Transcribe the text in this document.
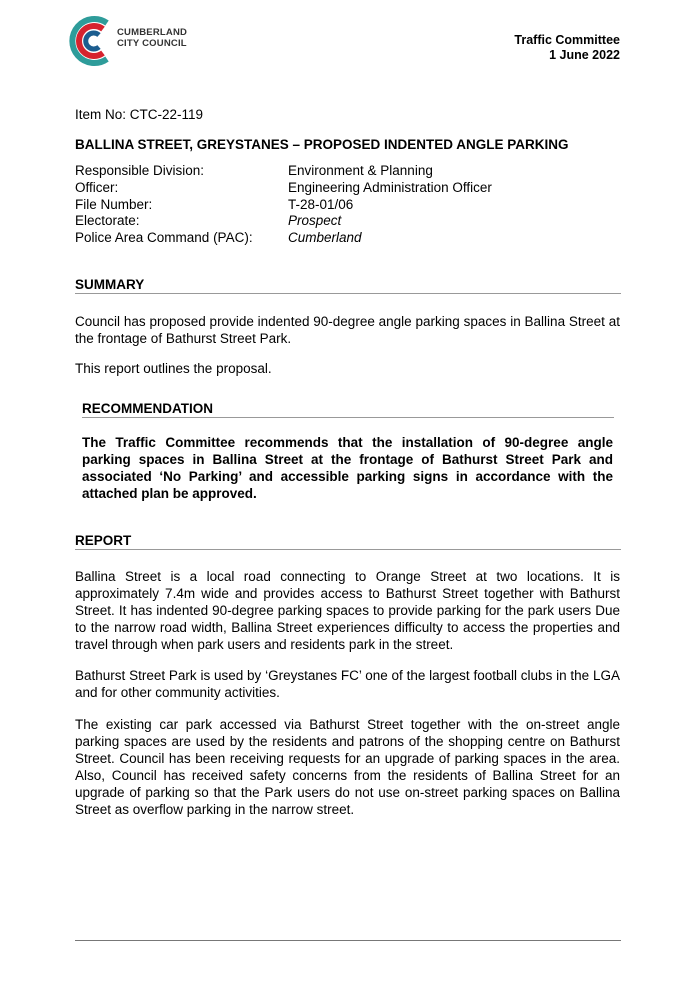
CUMBERLAND
CITY COUNCIL	Traffic Committee
1 June 2022
Item No: CTC-22-119
BALLINA STREET, GREYSTANES – PROPOSED INDENTED ANGLE PARKING
Responsible Division:	Environment & Planning
Officer:	Engineering Administration Officer
File Number:	T-28-01/06
Electorate:	Prospect
Police Area Command (PAC):	Cumberland
SUMMARY
Council has proposed provide indented 90-degree angle parking spaces in Ballina Street at the frontage of Bathurst Street Park.
This report outlines the proposal.
RECOMMENDATION
The Traffic Committee recommends that the installation of 90-degree angle parking spaces in Ballina Street at the frontage of Bathurst Street Park and associated ‘No Parking’ and accessible parking signs in accordance with the attached plan be approved.
REPORT
Ballina Street is a local road connecting to Orange Street at two locations. It is approximately 7.4m wide and provides access to Bathurst Street together with Bathurst Street. It has indented 90-degree parking spaces to provide parking for the park users Due to the narrow road width, Ballina Street experiences difficulty to access the properties and travel through when park users and residents park in the street.
Bathurst Street Park is used by ‘Greystanes FC’ one of the largest football clubs in the LGA and for other community activities.
The existing car park accessed via Bathurst Street together with the on-street angle parking spaces are used by the residents and patrons of the shopping centre on Bathurst Street. Council has been receiving requests for an upgrade of parking spaces in the area. Also, Council has received safety concerns from the residents of Ballina Street for an upgrade of parking so that the Park users do not use on-street parking spaces on Ballina Street as overflow parking in the narrow street.
